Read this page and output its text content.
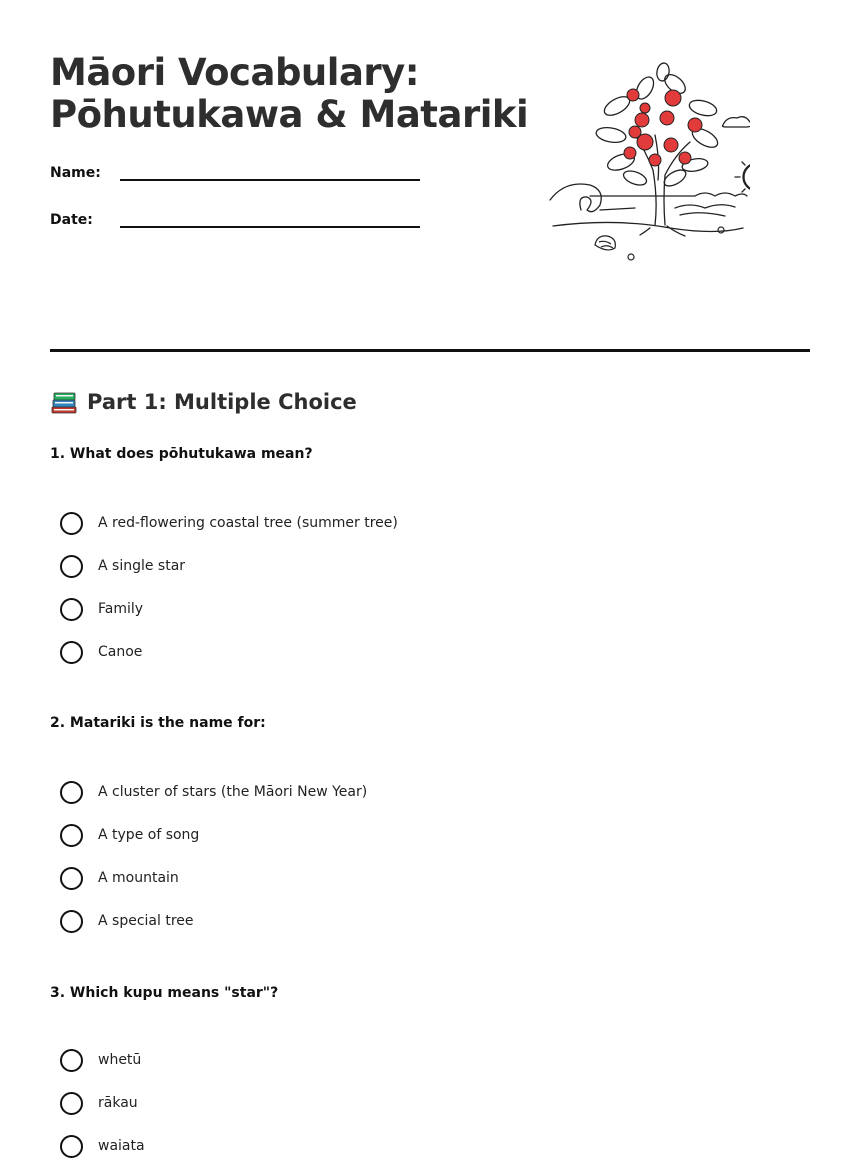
Māori Vocabulary:
Pōhutukawa & Matariki
Name:
Date:
Part 1: Multiple Choice
1. What does pōhutukawa mean?
A red-flowering coastal tree (summer tree)
A single star
Family
Canoe
2. Matariki is the name for:
A cluster of stars (the Māori New Year)
A type of song
A mountain
A special tree
3. Which kupu means "star"?
whetū
rākau
waiata
